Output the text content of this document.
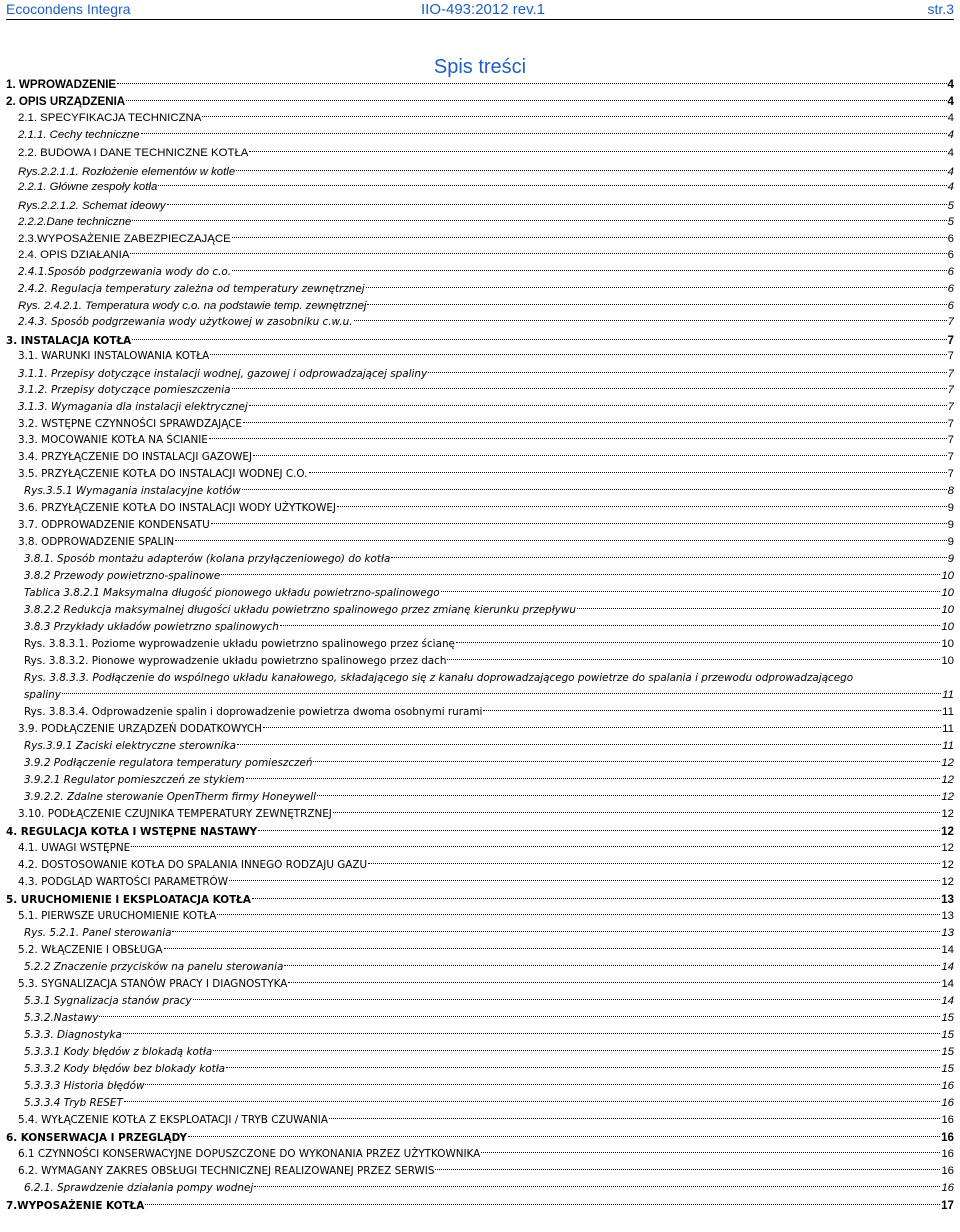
Ecocondens Integra	IIO-493:2012 rev.1	str.3
Spis treści
1. WPROWADZENIE	4
2. OPIS URZĄDZENIA	4
2.1. SPECYFIKACJA TECHNICZNA	4
2.1.1. Cechy techniczne	4
2.2. BUDOWA I DANE TECHNICZNE KOTŁA	4
Rys.2.2.1.1. Rozłożenie elementów w kotle	4
2.2.1. Główne zespoły kotła	4
Rys.2.2.1.2. Schemat ideowy	5
2.2.2.Dane techniczne	5
2.3.WYPOSAŻENIE ZABEZPIECZAJĄCE	6
2.4. OPIS DZIAŁANIA	6
2.4.1.Sposób podgrzewania wody do c.o.	6
2.4.2. Regulacja temperatury zależna od temperatury zewnętrznej	6
Rys. 2.4.2.1. Temperatura wody c.o. na podstawie temp. zewnętrznej	6
2.4.3. Sposób podgrzewania wody użytkowej w zasobniku c.w.u.	7
3. INSTALACJA KOTŁA	7
3.1. WARUNKI INSTALOWANIA KOTŁA	7
3.1.1. Przepisy dotyczące instalacji wodnej, gazowej i odprowadzającej spaliny	7
3.1.2. Przepisy dotyczące pomieszczenia	7
3.1.3. Wymagania dla instalacji elektrycznej	7
3.2. WSTĘPNE CZYNNOŚCI SPRAWDZAJĄCE	7
3.3. MOCOWANIE KOTŁA NA ŚCIANIE	7
3.4. PRZYŁĄCZENIE DO INSTALACJI GAZOWEJ	7
3.5. PRZYŁĄCZENIE KOTŁA DO INSTALACJI WODNEJ C.O.	7
Rys.3.5.1 Wymagania instalacyjne kotłów	8
3.6. PRZYŁĄCZENIE KOTŁA DO INSTALACJI WODY UŻYTKOWEJ	9
3.7. ODPROWADZENIE KONDENSATU	9
3.8. ODPROWADZENIE SPALIN	9
3.8.1. Sposób montażu adapterów (kolana przyłączeniowego) do kotła	9
3.8.2 Przewody powietrzno-spalinowe	10
Tablica 3.8.2.1 Maksymalna długość pionowego układu powietrzno-spalinowego	10
3.8.2.2 Redukcja maksymalnej długości układu powietrzno spalinowego przez zmianę kierunku przepływu	10
3.8.3 Przykłady układów powietrzno spalinowych	10
Rys. 3.8.3.1. Poziome wyprowadzenie układu powietrzno spalinowego przez ścianę	10
Rys. 3.8.3.2. Pionowe wyprowadzenie układu powietrzno spalinowego przez dach	10
Rys. 3.8.3.3. Podłączenie do wspólnego układu kanałowego, składającego się z kanału doprowadzającego powietrze do spalania i przewodu odprowadzającego
spaliny	11
Rys. 3.8.3.4. Odprowadzenie spalin i doprowadzenie powietrza dwoma osobnymi rurami	11
3.9. PODŁĄCZENIE URZĄDZEŃ DODATKOWYCH	11
Rys.3.9.1 Zaciski elektryczne sterownika	11
3.9.2 Podłączenie regulatora temperatury pomieszczeń	12
3.9.2.1 Regulator pomieszczeń ze stykiem	12
3.9.2.2. Zdalne sterowanie OpenTherm firmy Honeywell	12
3.10. PODŁĄCZENIE CZUJNIKA TEMPERATURY ZEWNĘTRZNEJ	12
4. REGULACJA KOTŁA I WSTĘPNE NASTAWY	12
4.1. UWAGI WSTĘPNE	12
4.2. DOSTOSOWANIE KOTŁA DO SPALANIA INNEGO RODZAJU GAZU	12
4.3. PODGLĄD WARTOŚCI PARAMETRÓW	12
5. URUCHOMIENIE I EKSPLOATACJA KOTŁA	13
5.1. PIERWSZE URUCHOMIENIE KOTŁA	13
Rys. 5.2.1. Panel sterowania	13
5.2. WŁĄCZENIE I OBSŁUGA	14
5.2.2 Znaczenie przycisków na panelu sterowania	14
5.3. SYGNALIZACJA STANÓW PRACY I DIAGNOSTYKA	14
5.3.1 Sygnalizacja stanów pracy	14
5.3.2.Nastawy	15
5.3.3. Diagnostyka	15
5.3.3.1 Kody błędów z blokadą kotła	15
5.3.3.2 Kody błędów bez blokady kotła	15
5.3.3.3 Historia błędów	16
5.3.3.4 Tryb RESET	16
5.4. WYŁĄCZENIE KOTŁA Z EKSPLOATACJI / TRYB CZUWANIA	16
6. KONSERWACJA I PRZEGLĄDY	16
6.1 CZYNNOŚCI KONSERWACYJNE DOPUSZCZONE DO WYKONANIA PRZEZ UŻYTKOWNIKA	16
6.2. WYMAGANY ZAKRES OBSŁUGI TECHNICZNEJ REALIZOWANEJ PRZEZ SERWIS	16
6.2.1. Sprawdzenie działania pompy wodnej	16
7.WYPOSAŻENIE KOTŁA	17
